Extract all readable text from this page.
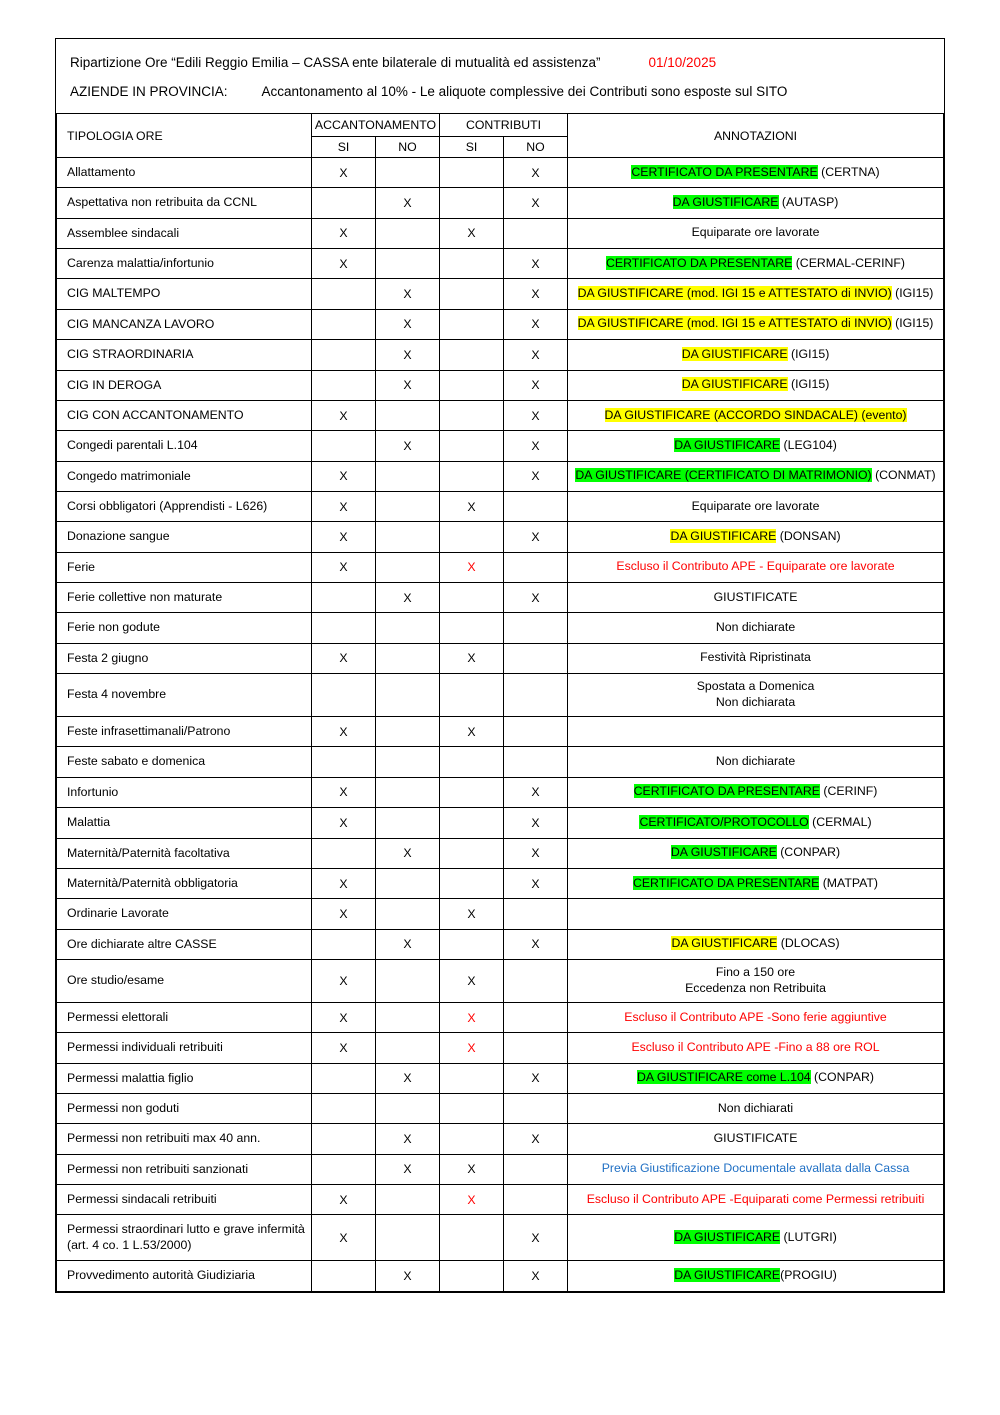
Ripartizione Ore “Edili Reggio Emilia – CASSA ente bilaterale di mutualità ed assistenza”	01/10/2025
AZIENDE IN PROVINCIA:	Accantonamento al 10% - Le aliquote complessive dei Contributi sono esposte sul SITO
TIPOLOGIA ORE	ACCANTONAMENTO		CONTRIBUTI		ANNOTAZIONI
	SI	NO	SI	NO	
Allattamento	X			X	CERTIFICATO DA PRESENTARE (CERTNA)
Aspettativa non retribuita da CCNL		X		X	DA GIUSTIFICARE (AUTASP)
Assemblee sindacali	X		X		Equiparate ore lavorate
Carenza malattia/infortunio	X			X	CERTIFICATO DA PRESENTARE (CERMAL-CERINF)
CIG MALTEMPO		X		X	DA GIUSTIFICARE (mod. IGI 15 e ATTESTATO di INVIO) (IGI15)
CIG MANCANZA LAVORO		X		X	DA GIUSTIFICARE (mod. IGI 15 e ATTESTATO di INVIO) (IGI15)
CIG STRAORDINARIA		X		X	DA GIUSTIFICARE (IGI15)
CIG IN DEROGA		X		X	DA GIUSTIFICARE (IGI15)
CIG CON ACCANTONAMENTO	X			X	DA GIUSTIFICARE (ACCORDO SINDACALE) (evento)
Congedi parentali L.104		X		X	DA GIUSTIFICARE (LEG104)
Congedo matrimoniale	X			X	DA GIUSTIFICARE (CERTIFICATO DI MATRIMONIO) (CONMAT)
Corsi obbligatori (Apprendisti - L626)	X		X		Equiparate ore lavorate
Donazione sangue	X			X	DA GIUSTIFICARE (DONSAN)
Ferie	X		X		Escluso il Contributo APE - Equiparate ore lavorate
Ferie collettive non maturate		X		X	GIUSTIFICATE
Ferie non godute					Non dichiarate
Festa 2 giugno	X		X		Festività Ripristinata
Festa 4 novembre					Spostata a Domenica
Non dichiarata
Feste infrasettimanali/Patrono	X		X		
Feste sabato e domenica					Non dichiarate
Infortunio	X			X	CERTIFICATO DA PRESENTARE (CERINF)
Malattia	X			X	CERTIFICATO/PROTOCOLLO (CERMAL)
Maternità/Paternità facoltativa		X		X	DA GIUSTIFICARE (CONPAR)
Maternità/Paternità obbligatoria	X			X	CERTIFICATO DA PRESENTARE (MATPAT)
Ordinarie Lavorate	X		X		
Ore dichiarate altre CASSE		X		X	DA GIUSTIFICARE (DLOCAS)
Ore studio/esame	X		X		Fino a 150 ore
Eccedenza non Retribuita
Permessi elettorali	X		X		Escluso il Contributo APE -Sono ferie aggiuntive
Permessi individuali retribuiti	X		X		Escluso il Contributo APE -Fino a 88 ore ROL
Permessi malattia figlio		X		X	DA GIUSTIFICARE come L.104 (CONPAR)
Permessi non goduti					Non dichiarati
Permessi non retribuiti max 40 ann.		X		X	GIUSTIFICATE
Permessi non retribuiti sanzionati		X	X		Previa Giustificazione Documentale avallata dalla Cassa
Permessi sindacali retribuiti	X		X		Escluso il Contributo APE -Equiparati come Permessi retribuiti
Permessi straordinari lutto e grave infermità (art. 4 co. 1 L.53/2000)	X			X	DA GIUSTIFICARE (LUTGRI)
Provvedimento autorità Giudiziaria		X		X	DA GIUSTIFICARE(PROGIU)
